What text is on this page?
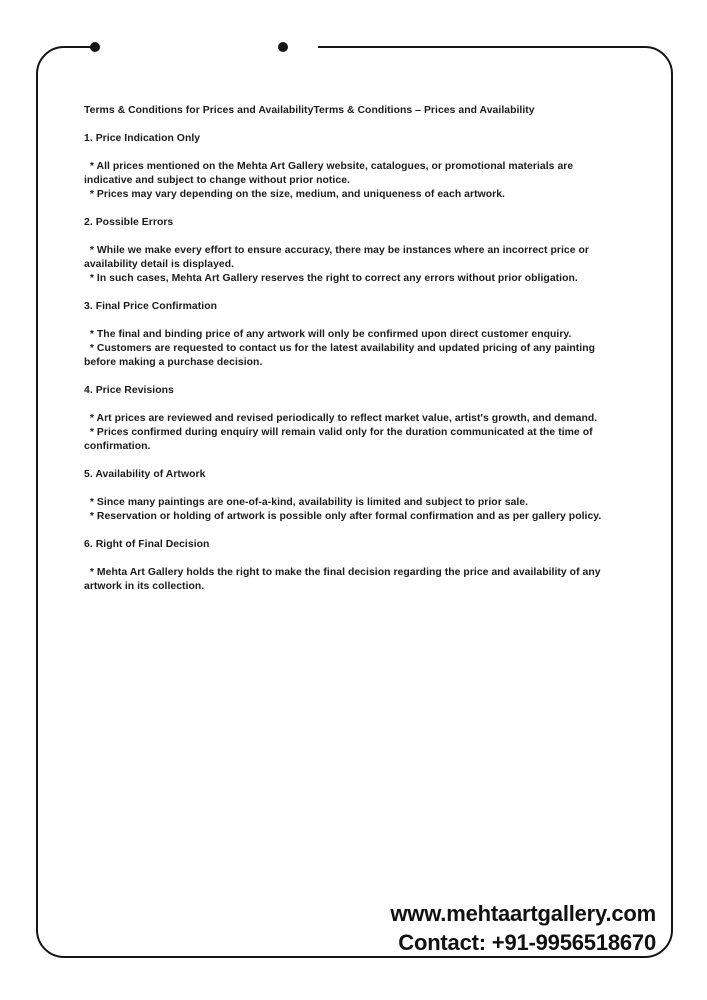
Terms & Conditions for Prices and AvailabilityTerms & Conditions – Prices and Availability
1. Price Indication Only
* All prices mentioned on the Mehta Art Gallery website, catalogues, or promotional materials are
indicative and subject to change without prior notice.
* Prices may vary depending on the size, medium, and uniqueness of each artwork.
2. Possible Errors
* While we make every effort to ensure accuracy, there may be instances where an incorrect price or
availability detail is displayed.
* In such cases, Mehta Art Gallery reserves the right to correct any errors without prior obligation.
3. Final Price Confirmation
* The final and binding price of any artwork will only be confirmed upon direct customer enquiry.
* Customers are requested to contact us for the latest availability and updated pricing of any painting
before making a purchase decision.
4. Price Revisions
* Art prices are reviewed and revised periodically to reflect market value, artist's growth, and demand.
* Prices confirmed during enquiry will remain valid only for the duration communicated at the time of
confirmation.
5. Availability of Artwork
* Since many paintings are one-of-a-kind, availability is limited and subject to prior sale.
* Reservation or holding of artwork is possible only after formal confirmation and as per gallery policy.
6. Right of Final Decision
* Mehta Art Gallery holds the right to make the final decision regarding the price and availability of any
artwork in its collection.
www.mehtaartgallery.com
Contact: +91-9956518670
